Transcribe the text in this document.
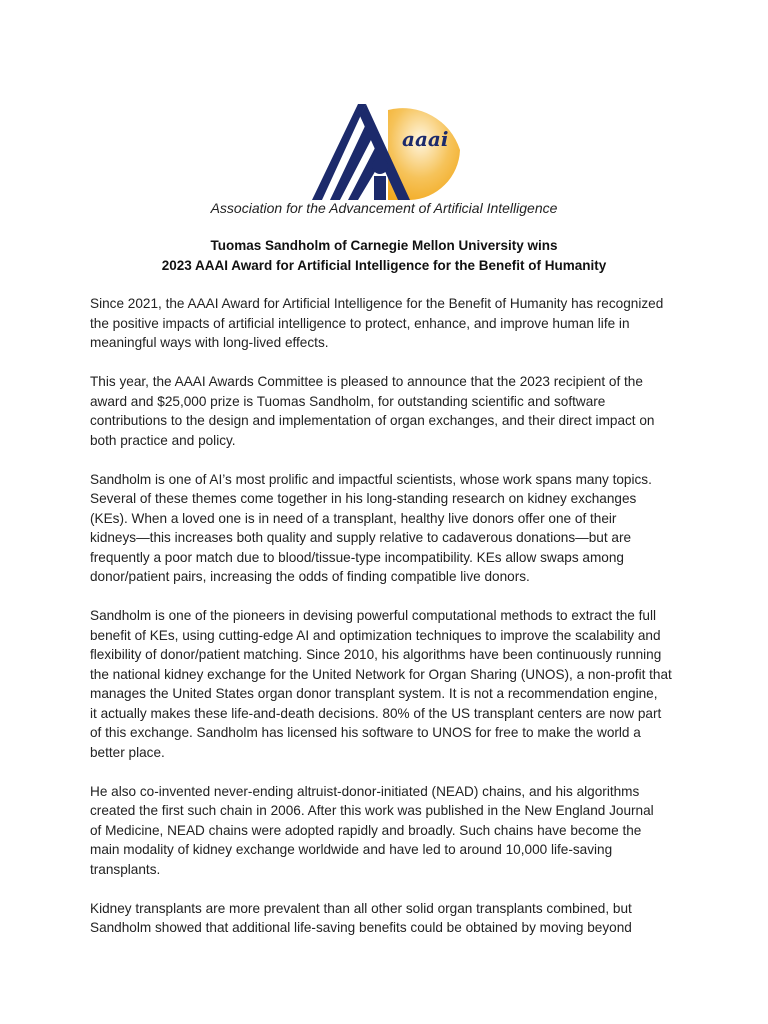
aaai
Association for the Advancement of Artificial Intelligence
Tuomas Sandholm of Carnegie Mellon University wins
2023 AAAI Award for Artificial Intelligence for the Benefit of Humanity

Since 2021, the AAAI Award for Artificial Intelligence for the Benefit of Humanity has recognized
the positive impacts of artificial intelligence to protect, enhance, and improve human life in
meaningful ways with long-lived effects.

This year, the AAAI Awards Committee is pleased to announce that the 2023 recipient of the
award and $25,000 prize is Tuomas Sandholm, for outstanding scientific and software
contributions to the design and implementation of organ exchanges, and their direct impact on
both practice and policy.

Sandholm is one of AI’s most prolific and impactful scientists, whose work spans many topics.
Several of these themes come together in his long-standing research on kidney exchanges
(KEs). When a loved one is in need of a transplant, healthy live donors offer one of their
kidneys—this increases both quality and supply relative to cadaverous donations—but are
frequently a poor match due to blood/tissue-type incompatibility. KEs allow swaps among
donor/patient pairs, increasing the odds of finding compatible live donors.

Sandholm is one of the pioneers in devising powerful computational methods to extract the full
benefit of KEs, using cutting-edge AI and optimization techniques to improve the scalability and
flexibility of donor/patient matching. Since 2010, his algorithms have been continuously running
the national kidney exchange for the United Network for Organ Sharing (UNOS), a non-profit that
manages the United States organ donor transplant system. It is not a recommendation engine,
it actually makes these life-and-death decisions. 80% of the US transplant centers are now part
of this exchange. Sandholm has licensed his software to UNOS for free to make the world a
better place.

He also co-invented never-ending altruist-donor-initiated (NEAD) chains, and his algorithms
created the first such chain in 2006. After this work was published in the New England Journal
of Medicine, NEAD chains were adopted rapidly and broadly. Such chains have become the
main modality of kidney exchange worldwide and have led to around 10,000 life-saving
transplants.

Kidney transplants are more prevalent than all other solid organ transplants combined, but
Sandholm showed that additional life-saving benefits could be obtained by moving beyond
